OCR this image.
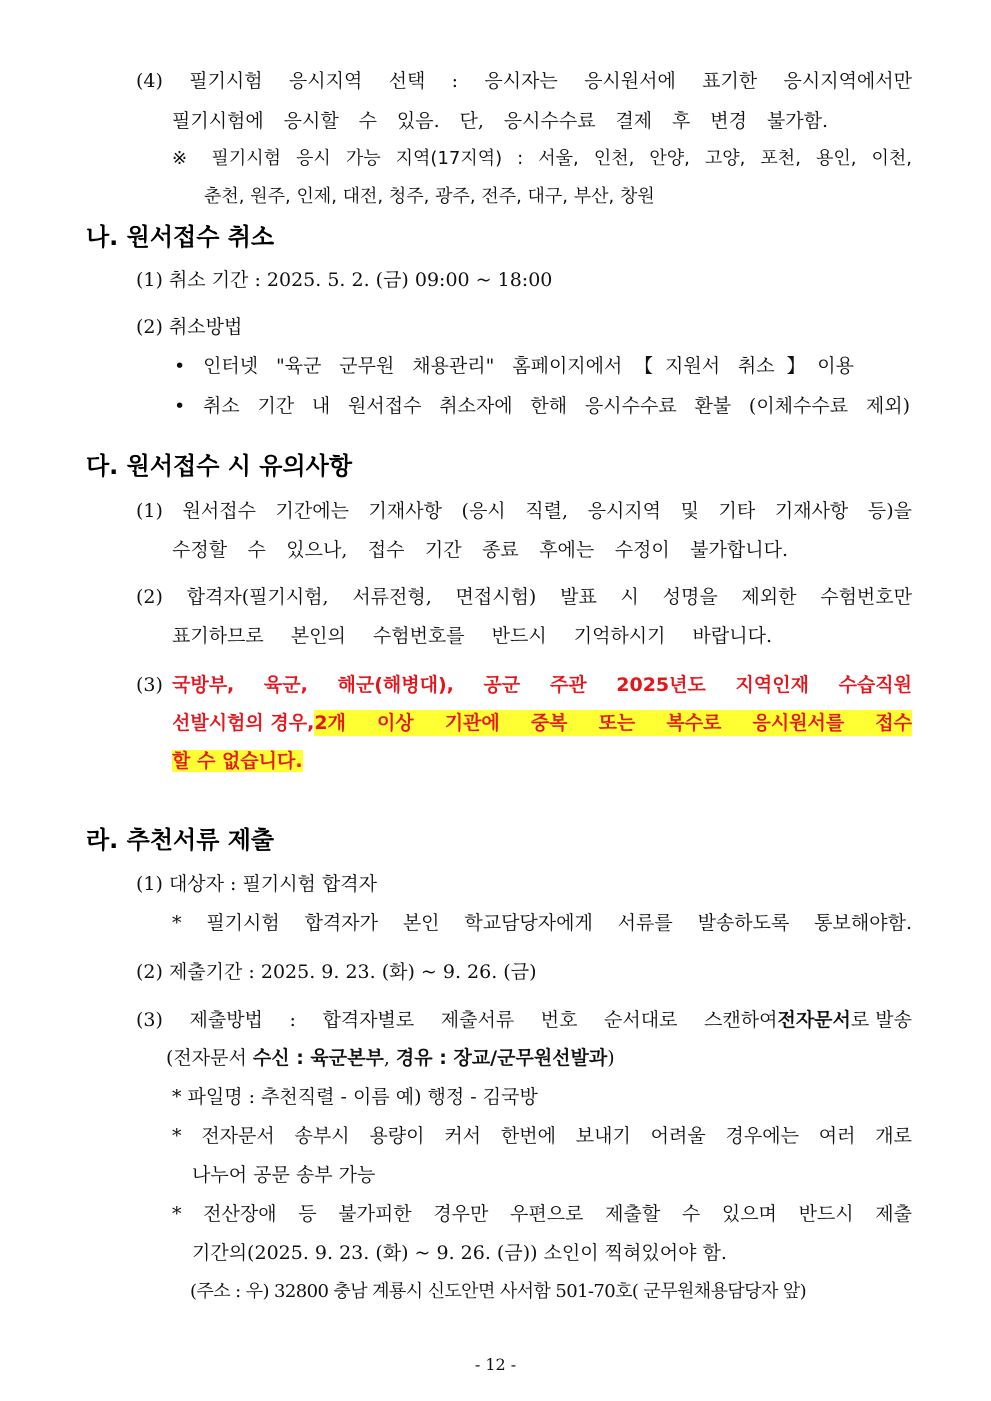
(4) 필기시험 응시지역 선택 : 응시자는 응시원서에 표기한 응시지역에서만
필기시험에 응시할 수 있음. 단, 응시수수료 결제 후 변경 불가함.
※ 필기시험 응시 가능 지역(17지역) : 서울, 인천, 안양, 고양, 포천, 용인, 이천,
춘천, 원주, 인제, 대전, 청주, 광주, 전주, 대구, 부산, 창원
나. 원서접수 취소
(1) 취소 기간 : 2025. 5. 2. (금) 09:00 ~ 18:00
(2) 취소방법
• 인터넷 "육군 군무원 채용관리" 홈페이지에서【지원서 취소】이용
• 취소 기간 내 원서접수 취소자에 한해 응시수수료 환불 (이체수수료 제외)
다. 원서접수 시 유의사항
(1) 원서접수 기간에는 기재사항 (응시 직렬, 응시지역 및 기타 기재사항 등)을
수정할 수 있으나, 접수 기간 종료 후에는 수정이 불가합니다.
(2) 합격자(필기시험, 서류전형, 면접시험) 발표 시 성명을 제외한 수험번호만
표기하므로 본인의 수험번호를 반드시 기억하시기 바랍니다.
(3) 국방부, 육군, 해군(해병대), 공군 주관 2025년도 지역인재 수습직원
선발시험의 경우, 2개 이상 기관에 중복 또는 복수로 응시원서를 접수
할 수 없습니다.
라. 추천서류 제출
(1) 대상자 : 필기시험 합격자
* 필기시험 합격자가 본인 학교담당자에게 서류를 발송하도록 통보해야함.
(2) 제출기간 : 2025. 9. 23. (화) ~ 9. 26. (금)
(3) 제출방법 : 합격자별로 제출서류 번호 순서대로 스캔하여 전자문서 로 발송
(전자문서 수신 : 육군본부, 경유 : 장교/군무원선발과)
* 파일명 : 추천직렬 - 이름 예) 행정 - 김국방
* 전자문서 송부시 용량이 커서 한번에 보내기 어려울 경우에는 여러 개로
나누어 공문 송부 가능
* 전산장애 등 불가피한 경우만 우편으로 제출할 수 있으며 반드시 제출
기간의(2025. 9. 23. (화) ~ 9. 26. (금)) 소인이 찍혀있어야 함.
(주소 : 우) 32800 충남 계룡시 신도안면 사서함 501-70호( 군무원채용담당자 앞)
- 12 -
